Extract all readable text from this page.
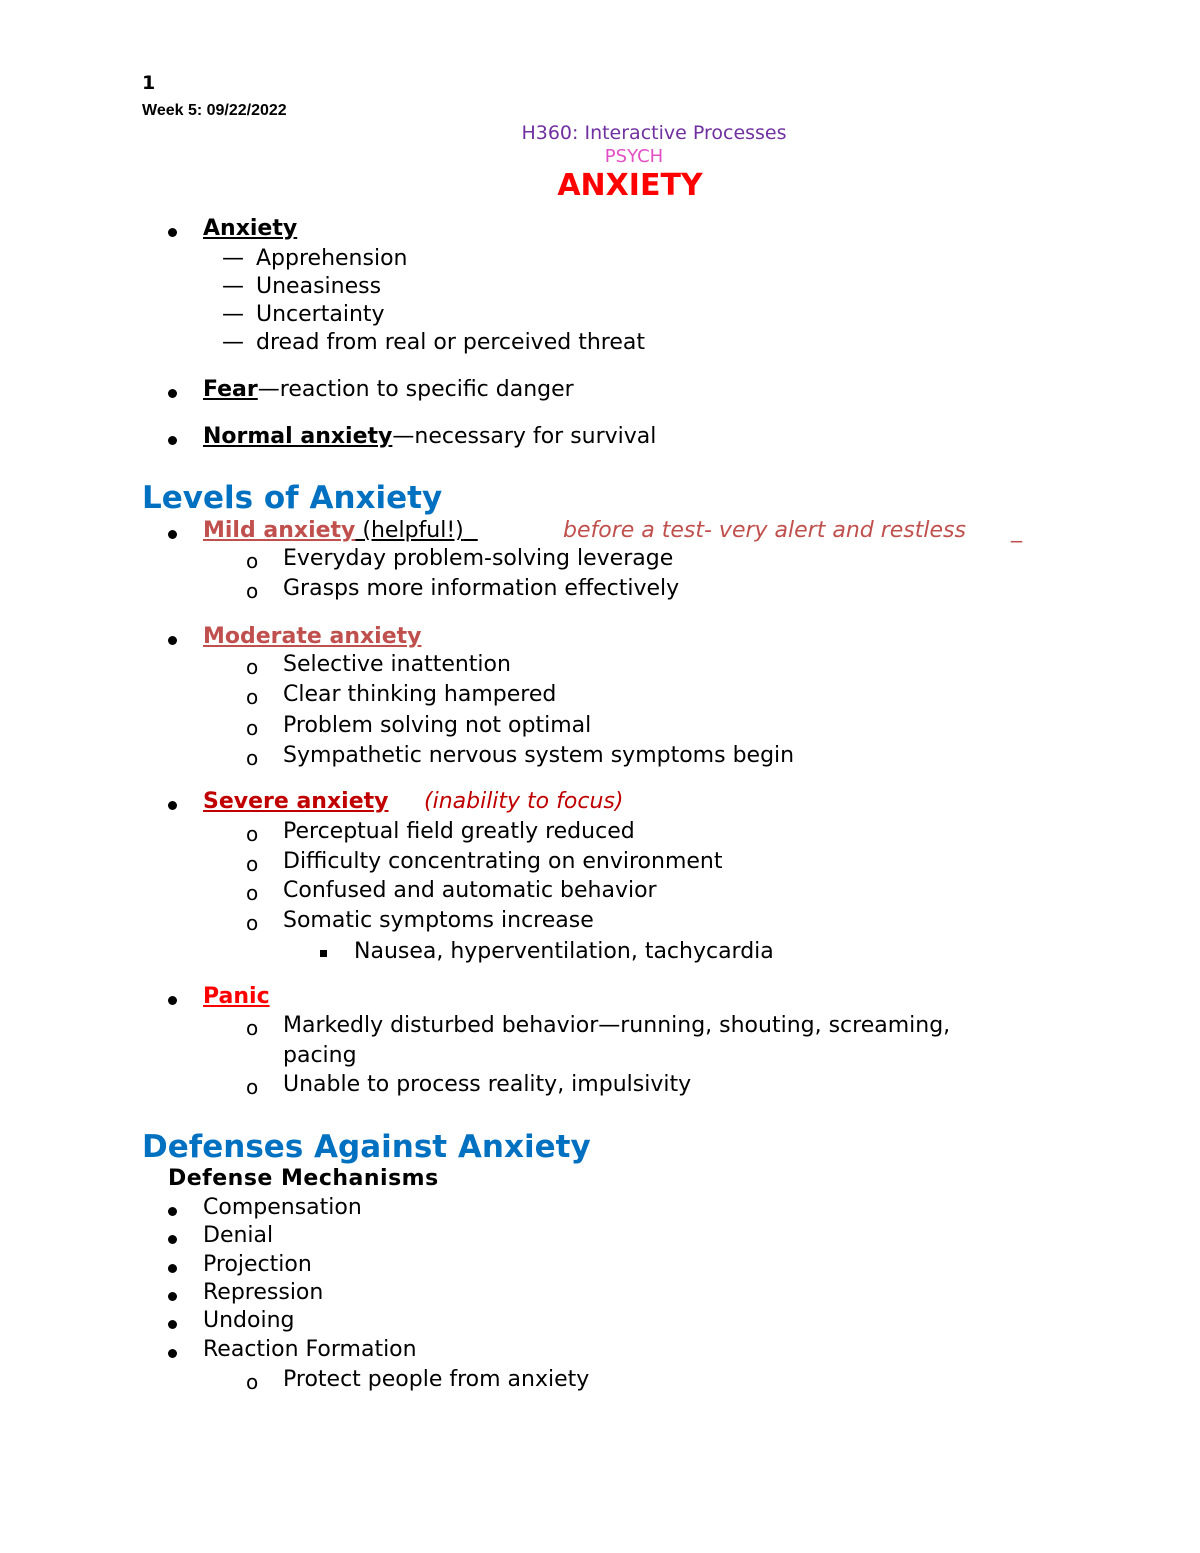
1
Week 5: 09/22/2022
H360: Interactive Processes
PSYCH
ANXIETY
Anxiety
— Apprehension
— Uneasiness
— Uncertainty
— dread from real or perceived threat
Fear—reaction to specific danger
Normal anxiety—necessary for survival
Levels of Anxiety
Mild anxiety (helpful!)	before a test- very alert and restless _
o Everyday problem-solving leverage
o Grasps more information effectively
Moderate anxiety
o Selective inattention
o Clear thinking hampered
o Problem solving not optimal
o Sympathetic nervous system symptoms begin
Severe anxiety (inability to focus)
o Perceptual field greatly reduced
o Difficulty concentrating on environment
o Confused and automatic behavior
o Somatic symptoms increase
Nausea, hyperventilation, tachycardia
Panic
o Markedly disturbed behavior—running, shouting, screaming,
pacing
o Unable to process reality, impulsivity
Defenses Against Anxiety
Defense Mechanisms
Compensation
Denial
Projection
Repression
Undoing
Reaction Formation
o Protect people from anxiety
